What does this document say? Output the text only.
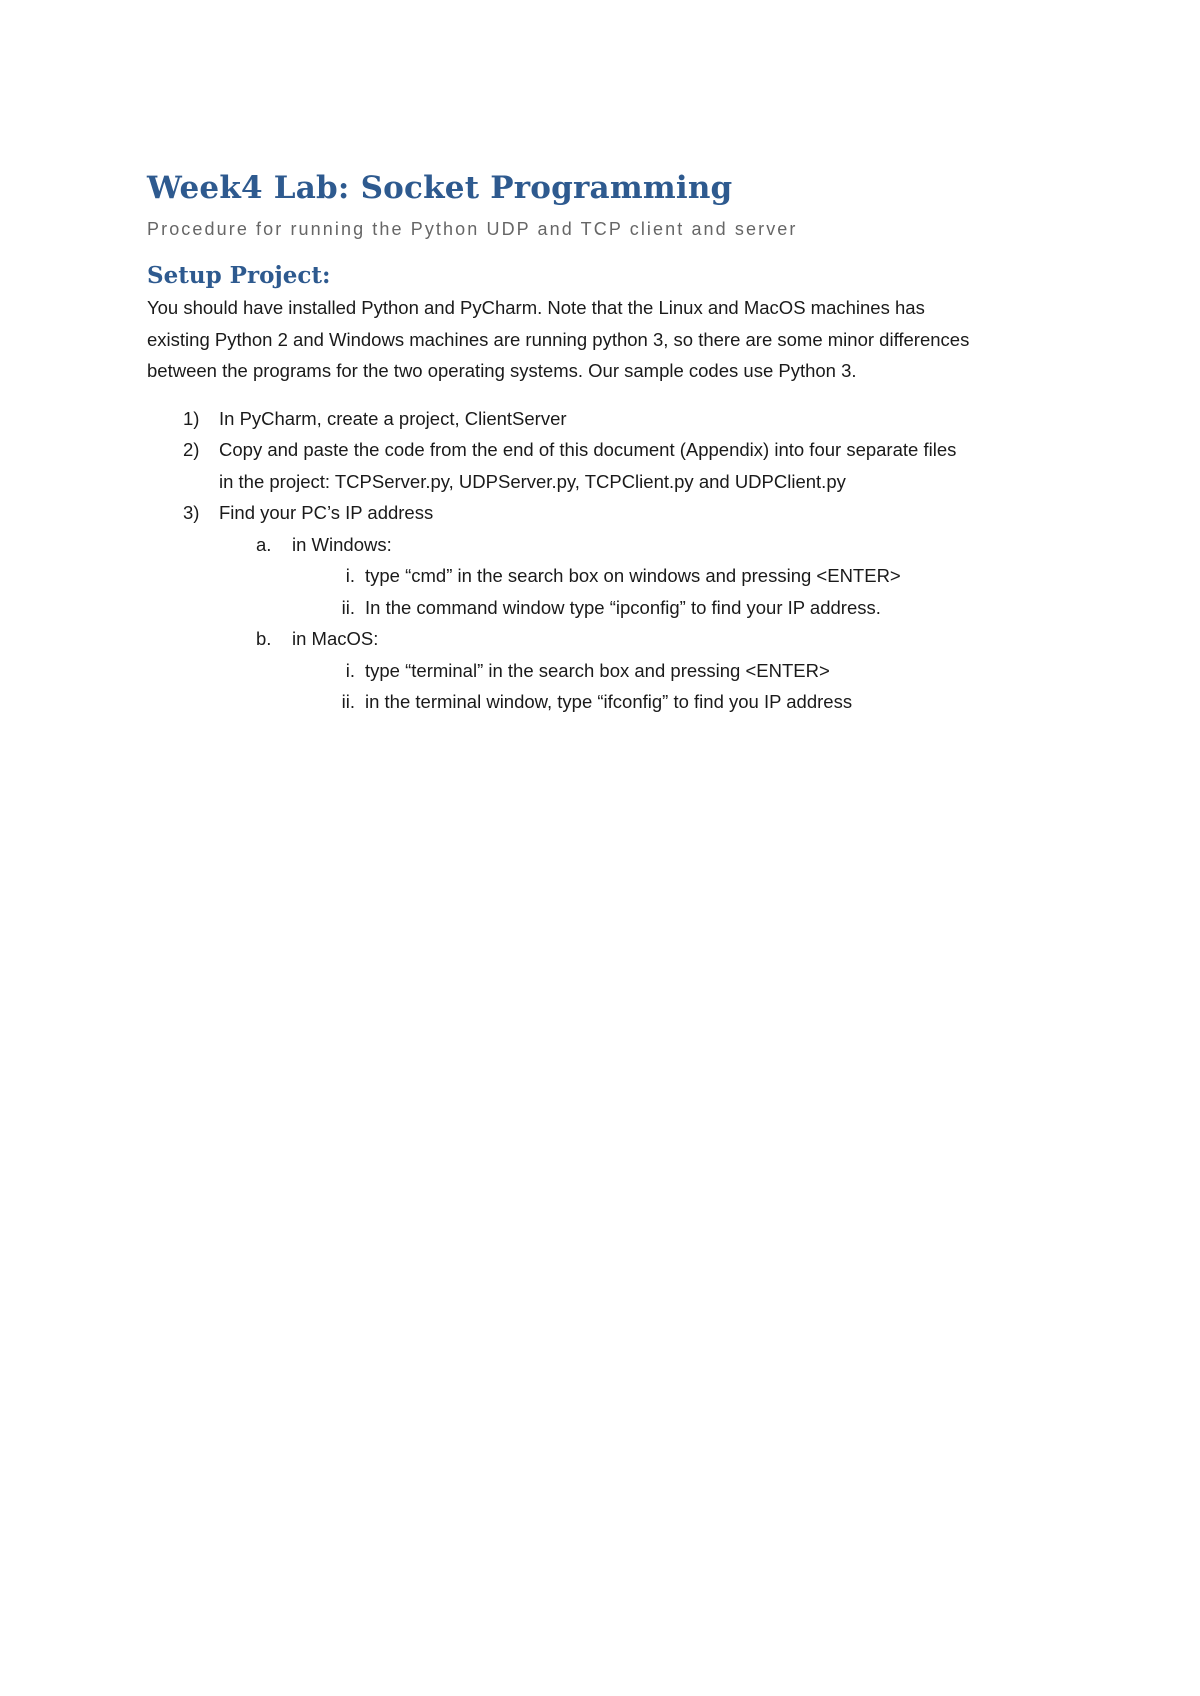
Week4 Lab: Socket Programming
Procedure for running the Python UDP and TCP client and server
Setup Project:
You should have installed Python and PyCharm. Note that the Linux and MacOS machines has
existing Python 2 and Windows machines are running python 3, so there are some minor differences
between the programs for the two operating systems. Our sample codes use Python 3.
1) In PyCharm, create a project, ClientServer
2) Copy and paste the code from the end of this document (Appendix) into four separate files
in the project: TCPServer.py, UDPServer.py, TCPClient.py and UDPClient.py
3) Find your PC’s IP address
a. in Windows:
i. type “cmd” in the search box on windows and pressing <ENTER>
ii. In the command window type “ipconfig” to find your IP address.
b. in MacOS:
i. type “terminal” in the search box and pressing <ENTER>
ii. in the terminal window, type “ifconfig” to find you IP address
